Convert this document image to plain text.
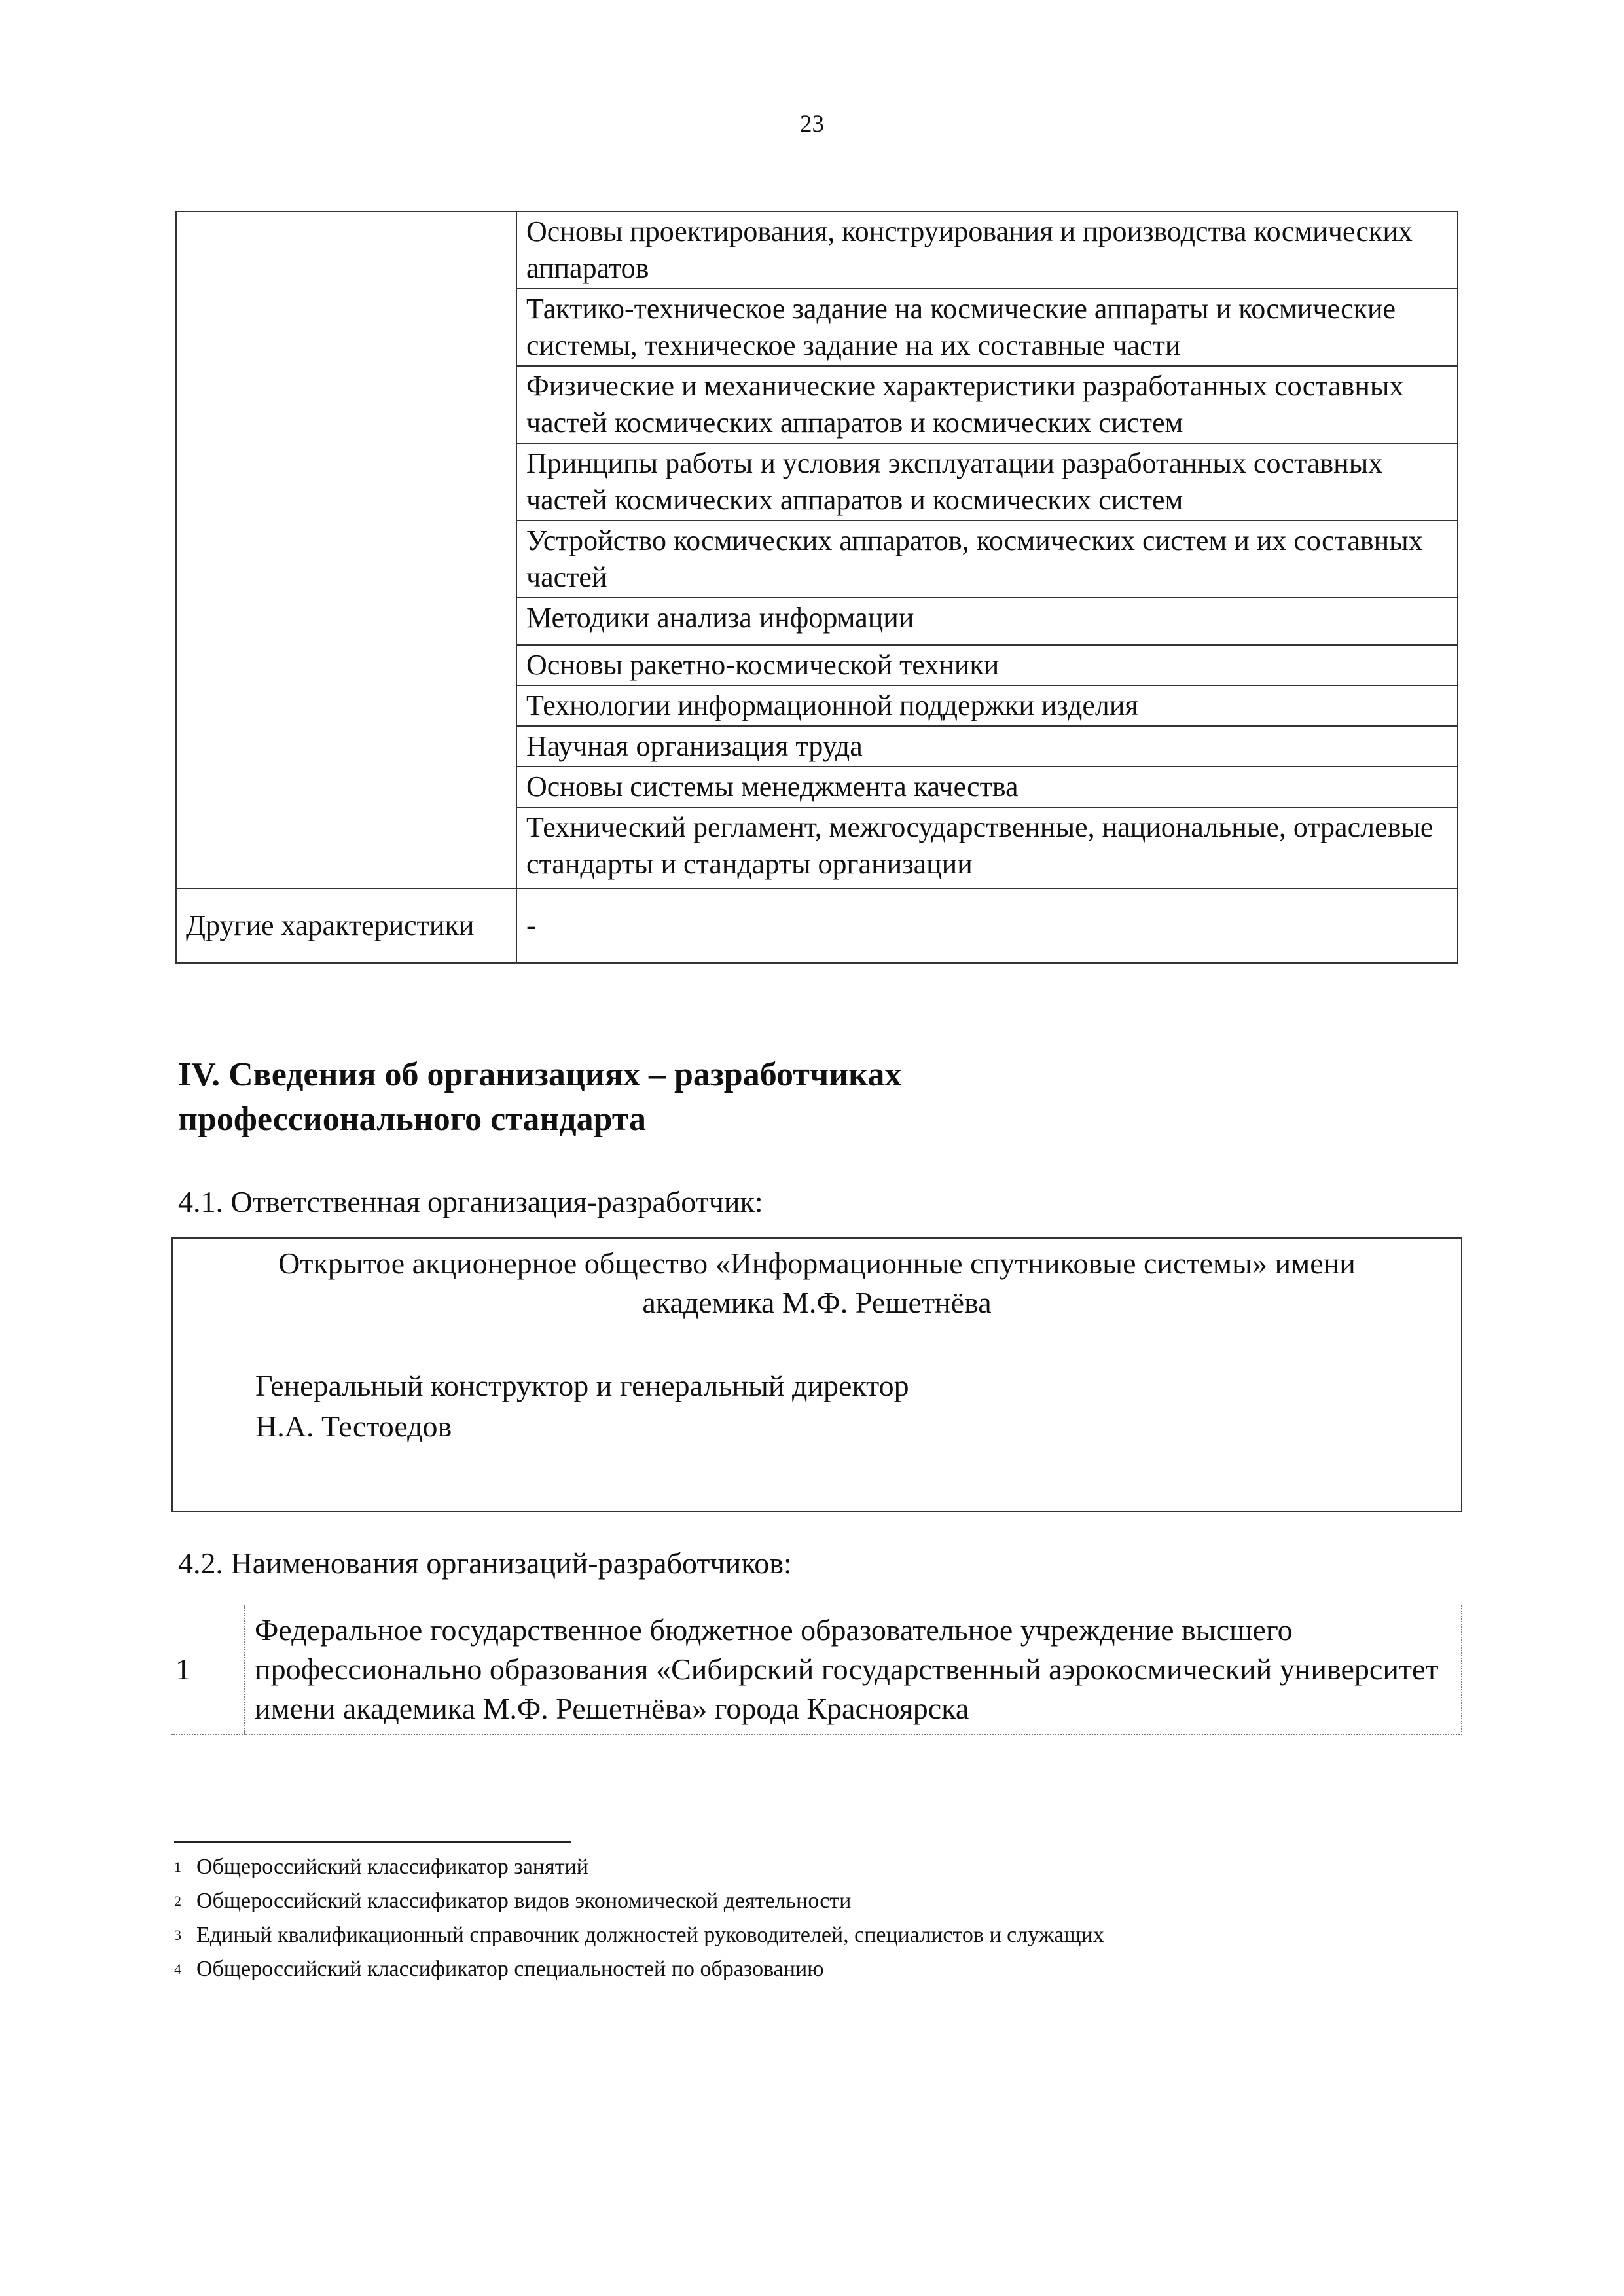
23
	Основы проектирования, конструирования и производства космических аппаратов
	Тактико-техническое задание на космические аппараты и космические системы, техническое задание на их составные части
	Физические и механические характеристики разработанных составных частей космических аппаратов и космических систем
	Принципы работы и условия эксплуатации разработанных составных частей космических аппаратов и космических систем
	Устройство космических аппаратов, космических систем и их составных частей
	Методики анализа информации
	Основы ракетно-космической техники
	Технологии информационной поддержки изделия
	Научная организация труда
	Основы системы менеджмента качества
	Технический регламент, межгосударственные, национальные, отраслевые стандарты и стандарты организации
Другие характеристики	-
IV. Сведения об организациях – разработчиках
профессионального стандарта
4.1. Ответственная организация-разработчик:
Открытое акционерное общество «Информационные спутниковые системы» имени
академика М.Ф. Решетнёва
Генеральный конструктор и генеральный директор
Н.А. Тестоедов
4.2. Наименования организаций-разработчиков:
1	Федеральное государственное бюджетное образовательное учреждение высшего профессионально образования «Сибирский государственный аэрокосмический университет имени академика М.Ф. Решетнёва» города Красноярска
$^1$ Общероссийский классификатор занятий
$^2$ Общероссийский классификатор видов экономической деятельности
$^3$ Единый квалификационный справочник должностей руководителей, специалистов и служащих
$^4$ Общероссийский классификатор специальностей по образованию
